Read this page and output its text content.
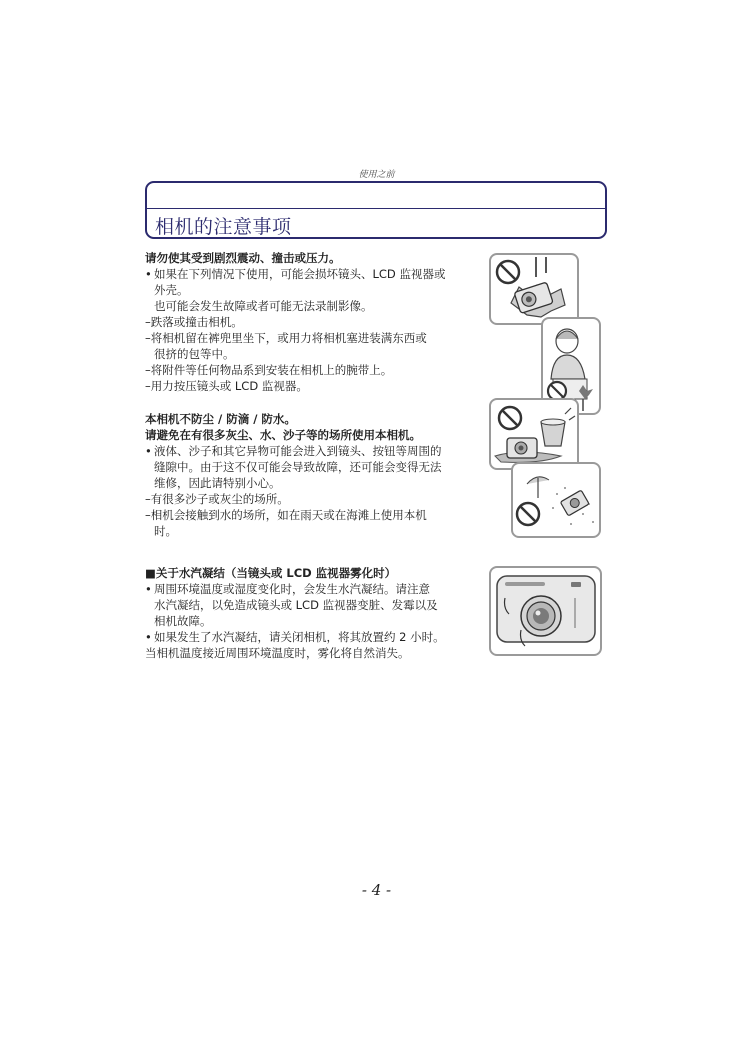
使用之前
相机的注意事项
请勿使其受到剧烈震动、撞击或压力。
• 如果在下列情况下使用，可能会损坏镜头、LCD 监视器或
外壳。
也可能会发生故障或者可能无法录制影像。
–跌落或撞击相机。
–将相机留在裤兜里坐下，或用力将相机塞进装满东西或
很挤的包等中。
–将附件等任何物品系到安装在相机上的腕带上。
–用力按压镜头或 LCD 监视器。
本相机不防尘 / 防滴 / 防水。
请避免在有很多灰尘、水、沙子等的场所使用本相机。
• 液体、沙子和其它异物可能会进入到镜头、按钮等周围的
缝隙中。由于这不仅可能会导致故障，还可能会变得无法
维修，因此请特别小心。
–有很多沙子或灰尘的场所。
–相机会接触到水的场所，如在雨天或在海滩上使用本机
时。
■关于水汽凝结（当镜头或 LCD 监视器雾化时）
• 周围环境温度或湿度变化时，会发生水汽凝结。请注意
水汽凝结，以免造成镜头或 LCD 监视器变脏、发霉以及
相机故障。
• 如果发生了水汽凝结，请关闭相机，将其放置约 2 小时。
当相机温度接近周围环境温度时，雾化将自然消失。
- 4 -
